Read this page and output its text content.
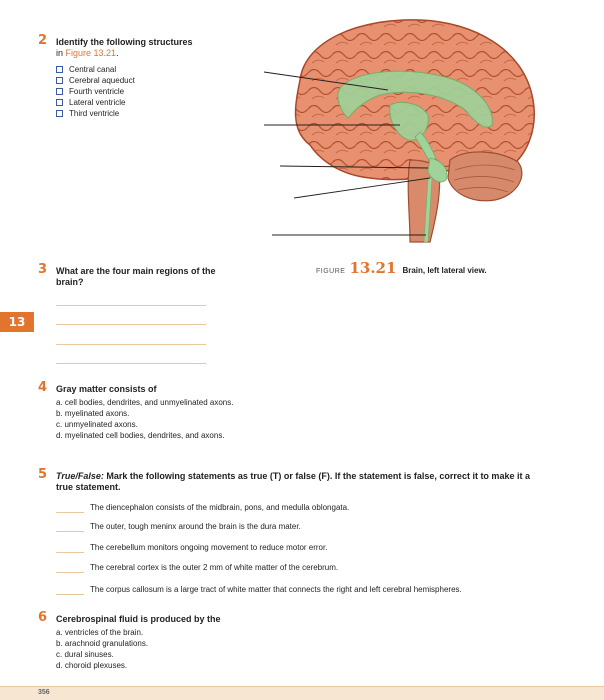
2 Identify the following structures
in Figure 13.21.
Central canal
Cerebral aqueduct
Fourth ventricle
Lateral ventricle
Third ventricle
FIGURE 13.21 Brain, left lateral view.
13
3 What are the four main regions of the
brain?
4 Gray matter consists of
a. cell bodies, dendrites, and unmyelinated axons.
b. myelinated axons.
c. unmyelinated axons.
d. myelinated cell bodies, dendrites, and axons.
5 True/False: Mark the following statements as true (T) or false (F). If the statement is false, correct it to make it a
true statement.
The diencephalon consists of the midbrain, pons, and medulla oblongata.
The outer, tough meninx around the brain is the dura mater.
The cerebellum monitors ongoing movement to reduce motor error.
The cerebral cortex is the outer 2 mm of white matter of the cerebrum.
The corpus callosum is a large tract of white matter that connects the right and left cerebral hemispheres.
6 Cerebrospinal fluid is produced by the
a. ventricles of the brain.
b. arachnoid granulations.
c. dural sinuses.
d. choroid plexuses.
356
